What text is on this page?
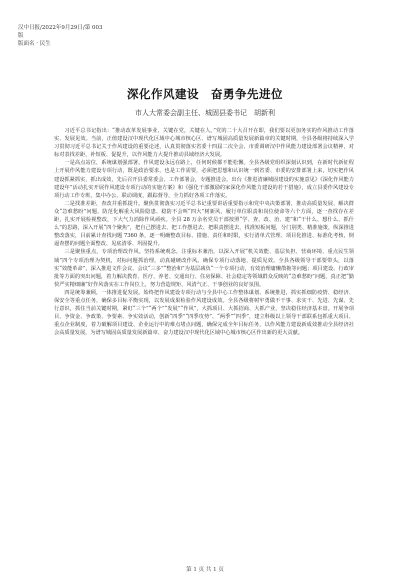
汉中日报/2022年9月29日/第 003
版
版面名 · 民生
深化作风建设　奋勇争先进位
市人大常委会副主任、城固县委书记　胡新利

习近平总书记指出：“推动改革发展事业，关键在党，关键在人。”党的二十大召开在即，我们要以更加务实的作风推动工作落实、发展见效。当前，正值建设汉中现代化区域中心城市核心区、谱写城固高质量发展新篇章的关键时期，全县各级将持续深入学习贯彻习近平总书记关于作风建设的重要论述，认真贯彻落实省委十四届二次全会、市委调研汉中作风能力建设部署会议精神，对标对表找差距、补短板、促提升，以作风能力大提升推动县域经济大发展。

一是高点站位，系统谋划强部署。作风建设永远在路上，任何时候都不能松懈。全县各级党组织深刻认识到，在新时代新征程上开展作风能力建设专项行动，既是政治要求，也是工作需要，必须把思想和认识统一到省委、市委的安排部署上来，切实把作风建设抓紧抓实，抓出成效，先后召开县委常委会、工作部署会，专题推进会，出台《推进清廉城固建设的实施意见》《深化作风能力建设年”活动扎实开展作风建设专项行动的实施方案》和《强化干部激励的家深化作风能力建设的若干措施》，成立县委作风建设专项行动工作专班，集中办公、联动调度，跟踪督导，全力抓好各项工作落实。

二是找准差距，查改并重抓提升。聚焦贯彻落实习近平总书记重要讲话重要指示和党中央决策部署，推动高质量发展、解决群众“急难愁盼”问题、防范化解重大风险隐患、稳防不会叫“四大”树新风，履行单位职责和岗位使命等六个方面，逐一查找存在差距，扎实开展检视整改，下大气力消除作风顽疾。全县 28 万余名党员干部按照“学、查、改、治、建”和“干什么、想什么、抓什么”的思路，深入开展“四个聚焦”，把自己摆进去、把工作摆进去、把职责摆进去，找准短板问题，分门别类、精准施策，纵深推进整改落实，目前累计查找问题 7360 条，逐一明确整改目标、措施、责任和时限，实行清单式管理、项目化推进、标准化考核，倒逼查摆的问题全面整改、见底清零、巩固提升。

三是聚焦重点，专项治理改作风。坚持系统观念，注重标本兼治，以深入开展“机关效能、基层负担、营商环境、重点民生领域”四个专项治理为契机，对标问题抓治理，动真碰硬改作风。确保专项行动落地、提质见效。全县各级领导干部要带头，以落实“效能革命”，深入推进文件会议、会议“三多”“整治和”为基层减负“一个专项行动，有效治理庸懒散拖等问题；项目建设、行政审批等方面的突出问题，着力解决教育、医疗、养老、交通出行、住房保障、社会稳定等领域群众反映的“急难愁盼”问题，真正把“勤快严实精细廉”好作风落实在工作岗位上，努力营造规矩、风清气正、干事创业的良好氛围。

四是统筹兼顾，一体推进促发展。始终把作风建设专项行动与全县中心工作整体谋划、系统推进，抓实抓细防疫情、稳经济、保安全等重点任务，确保多目标平衡实现，以发展成果检验作风建设成效。全县各级将树牢勇做不干事、求实干、先进、先谋、先行意识，抓住当前关键时期，紧盯“三个”“两个”“发展”“作风”，大抓项目、大抓招商、大抓产业，坚决稳住经济基本盘。开展争项目、争资金、争政策、争要素、争实效活动，创新“四季”“四季攻势”、“两季”“四季”，建立科级以上领导干部联系包抓重大项目、重点企业制度，着力破解项目建设、企业运行中的难点堵点问题，确保完成全年目标任务，以作风能力建设新成效推动全县经济社会高质量发展，为谱写城固高质量发展新篇章、奋力建设汉中现代化区域中心城市核心区作出新的更大贡献。

第 1 页 共 1 页
